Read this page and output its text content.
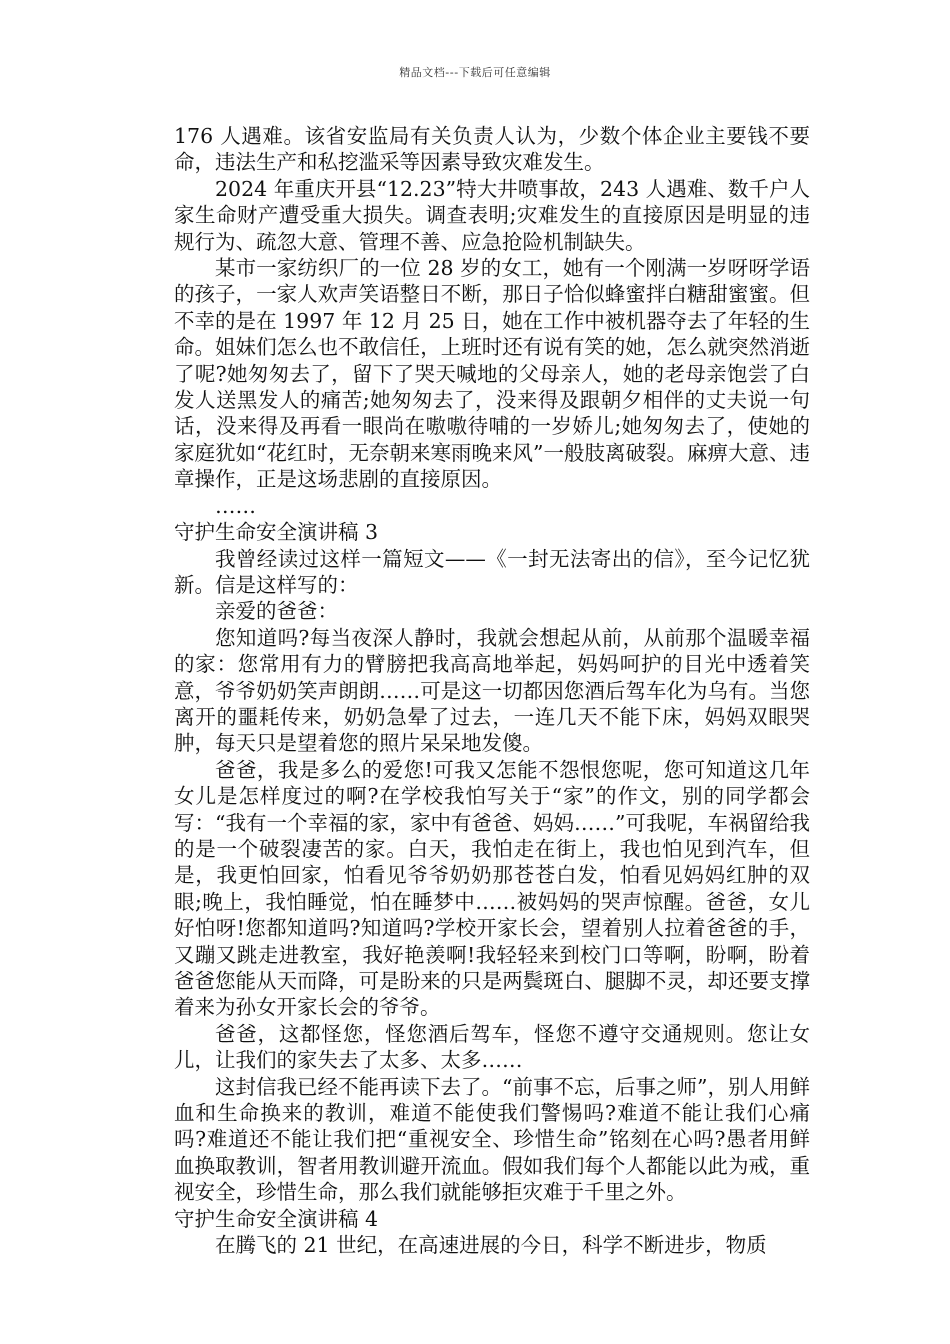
精品文档---下载后可任意编辑

176 人遇难。该省安监局有关负责人认为，少数个体企业主要钱不要命，违法生产和私挖滥采等因素导致灾难发生。

2024 年重庆开县“12.23”特大井喷事故，243 人遇难、数千户人家生命财产遭受重大损失。调查表明;灾难发生的直接原因是明显的违规行为、疏忽大意、管理不善、应急抢险机制缺失。

某市一家纺织厂的一位 28 岁的女工，她有一个刚满一岁呀呀学语的孩子，一家人欢声笑语整日不断，那日子恰似蜂蜜拌白糖甜蜜蜜。但不幸的是在 1997 年 12 月 25 日，她在工作中被机器夺去了年轻的生命。姐妹们怎么也不敢信任，上班时还有说有笑的她，怎么就突然消逝了呢?她匆匆去了，留下了哭天喊地的父母亲人，她的老母亲饱尝了白发人送黑发人的痛苦;她匆匆去了，没来得及跟朝夕相伴的丈夫说一句话，没来得及再看一眼尚在嗷嗷待哺的一岁娇儿;她匆匆去了，使她的家庭犹如“花红时，无奈朝来寒雨晚来风”一般肢离破裂。麻痹大意、违章操作，正是这场悲剧的直接原因。

……

守护生命安全演讲稿 3

我曾经读过这样一篇短文——《一封无法寄出的信》，至今记忆犹新。信是这样写的：

亲爱的爸爸：

您知道吗?每当夜深人静时，我就会想起从前，从前那个温暖幸福的家：您常用有力的臂膀把我高高地举起，妈妈呵护的目光中透着笑意，爷爷奶奶笑声朗朗……可是这一切都因您酒后驾车化为乌有。当您离开的噩耗传来，奶奶急晕了过去，一连几天不能下床，妈妈双眼哭肿，每天只是望着您的照片呆呆地发傻。

爸爸，我是多么的爱您!可我又怎能不怨恨您呢，您可知道这几年女儿是怎样度过的啊?在学校我怕写关于“家”的作文，别的同学都会写：“我有一个幸福的家，家中有爸爸、妈妈……”可我呢，车祸留给我的是一个破裂凄苦的家。白天，我怕走在街上，我也怕见到汽车，但是，我更怕回家，怕看见爷爷奶奶那苍苍白发，怕看见妈妈红肿的双眼;晚上，我怕睡觉，怕在睡梦中……被妈妈的哭声惊醒。爸爸，女儿好怕呀!您都知道吗?知道吗?学校开家长会，望着别人拉着爸爸的手，又蹦又跳走进教室，我好艳羡啊!我轻轻来到校门口等啊，盼啊，盼着爸爸您能从天而降，可是盼来的只是两鬓斑白、腿脚不灵，却还要支撑着来为孙女开家长会的爷爷。

爸爸，这都怪您，怪您酒后驾车，怪您不遵守交通规则。您让女儿，让我们的家失去了太多、太多……

这封信我已经不能再读下去了。“前事不忘，后事之师”，别人用鲜血和生命换来的教训，难道不能使我们警惕吗?难道不能让我们心痛吗?难道还不能让我们把“重视安全、珍惜生命”铭刻在心吗?愚者用鲜血换取教训，智者用教训避开流血。假如我们每个人都能以此为戒，重视安全，珍惜生命，那么我们就能够拒灾难于千里之外。

守护生命安全演讲稿 4

在腾飞的 21 世纪，在高速进展的今日，科学不断进步，物质
